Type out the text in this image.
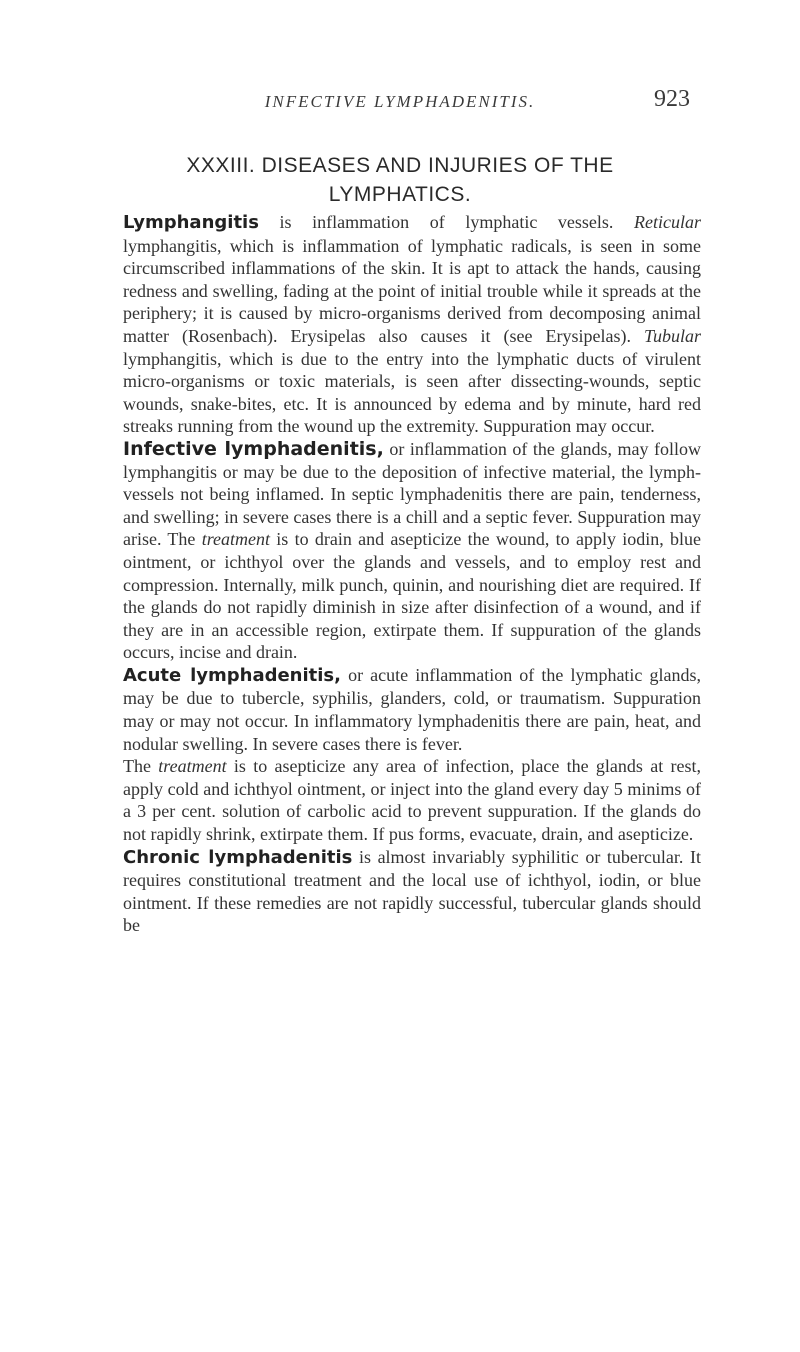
INFECTIVE LYMPHADENITIS.	923
XXXIII. DISEASES AND INJURIES OF THE
LYMPHATICS.

Lymphangitis is inflammation of lymphatic vessels. Reticular lymphangitis, which is inflammation of lymphatic radicals, is seen in some circumscribed inflammations of the skin. It is apt to attack the hands, causing redness and swelling, fading at the point of initial trouble while it spreads at the periphery; it is caused by micro-organisms derived from decomposing animal matter (Rosenbach). Erysipelas also causes it (see Erysipelas). Tubular lymphangitis, which is due to the entry into the lymphatic ducts of virulent micro-organisms or toxic materials, is seen after dissecting-wounds, septic wounds, snake-bites, etc. It is announced by edema and by minute, hard red streaks running from the wound up the extremity. Suppuration may occur.

Infective lymphadenitis, or inflammation of the glands, may follow lymphangitis or may be due to the deposition of infective material, the lymph-vessels not being inflamed. In septic lymphadenitis there are pain, tenderness, and swelling; in severe cases there is a chill and a septic fever. Suppuration may arise. The treatment is to drain and asepticize the wound, to apply iodin, blue ointment, or ichthyol over the glands and vessels, and to employ rest and compression. Internally, milk punch, quinin, and nourishing diet are required. If the glands do not rapidly diminish in size after disinfection of a wound, and if they are in an accessible region, extirpate them. If suppuration of the glands occurs, incise and drain.

Acute lymphadenitis, or acute inflammation of the lymphatic glands, may be due to tubercle, syphilis, glanders, cold, or traumatism. Suppuration may or may not occur. In inflammatory lymphadenitis there are pain, heat, and nodular swelling. In severe cases there is fever.

The treatment is to asepticize any area of infection, place the glands at rest, apply cold and ichthyol ointment, or inject into the gland every day 5 minims of a 3 per cent. solution of carbolic acid to prevent suppuration. If the glands do not rapidly shrink, extirpate them. If pus forms, evacuate, drain, and asepticize.

Chronic lymphadenitis is almost invariably syphilitic or tubercular. It requires constitutional treatment and the local use of ichthyol, iodin, or blue ointment. If these remedies are not rapidly successful, tubercular glands should be
